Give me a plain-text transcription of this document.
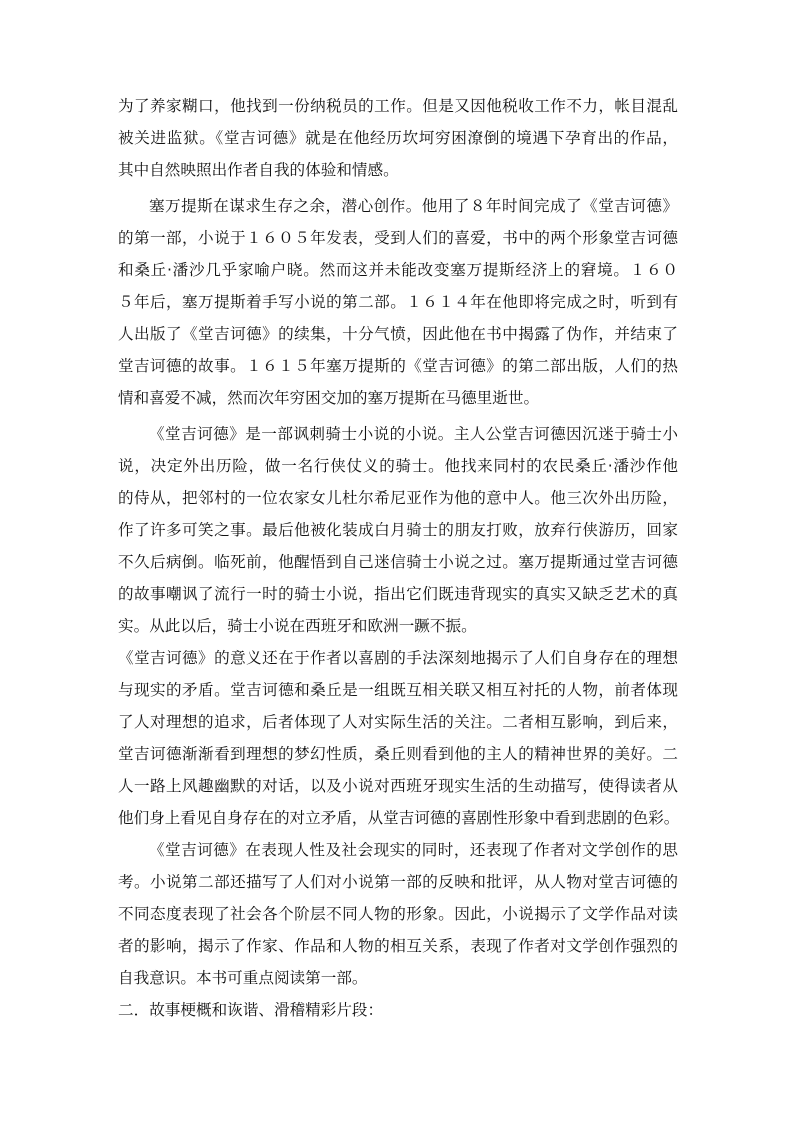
为了养家糊口，他找到一份纳税员的工作。但是又因他税收工作不力，帐目混乱
被关进监狱。《堂吉诃德》就是在他经历坎坷穷困潦倒的境遇下孕育出的作品，
其中自然映照出作者自我的体验和情感。
塞万提斯在谋求生存之余，潜心创作。他用了８年时间完成了《堂吉诃德》
的第一部，小说于１６０５年发表，受到人们的喜爱，书中的两个形象堂吉诃德
和桑丘·潘沙几乎家喻户晓。然而这并未能改变塞万提斯经济上的窘境。１６０
５年后，塞万提斯着手写小说的第二部。１６１４年在他即将完成之时，听到有
人出版了《堂吉诃德》的续集，十分气愤，因此他在书中揭露了伪作，并结束了
堂吉诃德的故事。１６１５年塞万提斯的《堂吉诃德》的第二部出版，人们的热
情和喜爱不减，然而次年穷困交加的塞万提斯在马德里逝世。
《堂吉诃德》是一部讽刺骑士小说的小说。主人公堂吉诃德因沉迷于骑士小
说，决定外出历险，做一名行侠仗义的骑士。他找来同村的农民桑丘·潘沙作他
的侍从，把邻村的一位农家女儿杜尔希尼亚作为他的意中人。他三次外出历险，
作了许多可笑之事。最后他被化装成白月骑士的朋友打败，放弃行侠游历，回家
不久后病倒。临死前，他醒悟到自己迷信骑士小说之过。塞万提斯通过堂吉诃德
的故事嘲讽了流行一时的骑士小说，指出它们既违背现实的真实又缺乏艺术的真
实。从此以后，骑士小说在西班牙和欧洲一蹶不振。
《堂吉诃德》的意义还在于作者以喜剧的手法深刻地揭示了人们自身存在的理想
与现实的矛盾。堂吉诃德和桑丘是一组既互相关联又相互衬托的人物，前者体现
了人对理想的追求，后者体现了人对实际生活的关注。二者相互影响，到后来，
堂吉诃德渐渐看到理想的梦幻性质，桑丘则看到他的主人的精神世界的美好。二
人一路上风趣幽默的对话，以及小说对西班牙现实生活的生动描写，使得读者从
他们身上看见自身存在的对立矛盾，从堂吉诃德的喜剧性形象中看到悲剧的色彩。
《堂吉诃德》在表现人性及社会现实的同时，还表现了作者对文学创作的思
考。小说第二部还描写了人们对小说第一部的反映和批评，从人物对堂吉诃德的
不同态度表现了社会各个阶层不同人物的形象。因此，小说揭示了文学作品对读
者的影响，揭示了作家、作品和人物的相互关系，表现了作者对文学创作强烈的
自我意识。本书可重点阅读第一部。
二．故事梗概和诙谐、滑稽精彩片段：
